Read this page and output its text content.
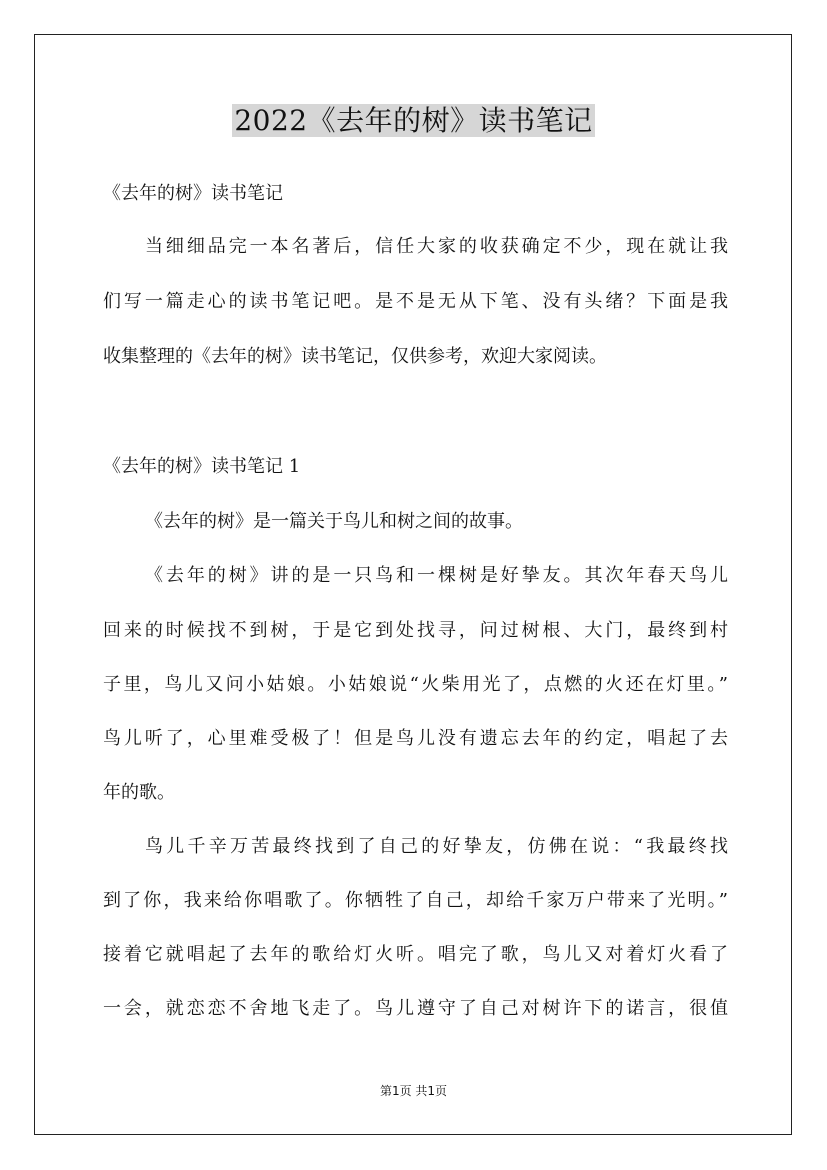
2022《去年的树》读书笔记

《去年的树》读书笔记

当细细品完一本名著后，信任大家的收获确定不少，现在就让我

们写一篇走心的读书笔记吧。是不是无从下笔、没有头绪？下面是我

收集整理的《去年的树》读书笔记，仅供参考，欢迎大家阅读。

《去年的树》读书笔记 1

《去年的树》是一篇关于鸟儿和树之间的故事。

《去年的树》讲的是一只鸟和一棵树是好挚友。其次年春天鸟儿

回来的时候找不到树，于是它到处找寻，问过树根、大门，最终到村

子里，鸟儿又问小姑娘。小姑娘说“火柴用光了，点燃的火还在灯里。”

鸟儿听了，心里难受极了！但是鸟儿没有遗忘去年的约定，唱起了去

年的歌。

鸟儿千辛万苦最终找到了自己的好挚友，仿佛在说：“我最终找

到了你，我来给你唱歌了。你牺牲了自己，却给千家万户带来了光明。”

接着它就唱起了去年的歌给灯火听。唱完了歌，鸟儿又对着灯火看了

一会，就恋恋不舍地飞走了。鸟儿遵守了自己对树许下的诺言，很值

第1页 共1页
